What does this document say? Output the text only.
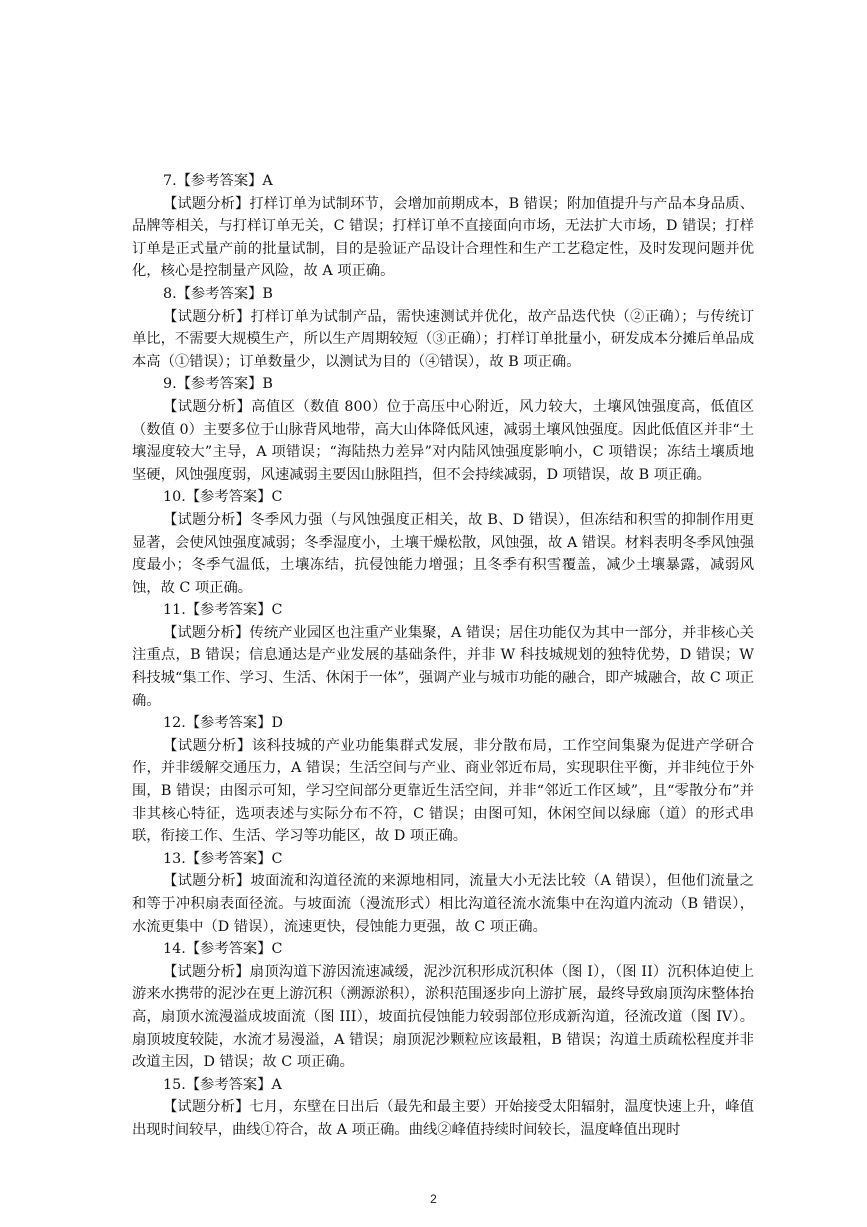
7.【参考答案】A

【试题分析】打样订单为试制环节，会增加前期成本，B 错误；附加值提升与产品本身品质、品牌等相关，与打样订单无关，C 错误；打样订单不直接面向市场，无法扩大市场，D 错误；打样订单是正式量产前的批量试制，目的是验证产品设计合理性和生产工艺稳定性，及时发现问题并优化，核心是控制量产风险，故 A 项正确。

8.【参考答案】B

【试题分析】打样订单为试制产品，需快速测试并优化，故产品迭代快（②正确）；与传统订单比，不需要大规模生产，所以生产周期较短（③正确）；打样订单批量小，研发成本分摊后单品成本高（①错误）；订单数量少，以测试为目的（④错误），故 B 项正确。

9.【参考答案】B

【试题分析】高值区（数值 800）位于高压中心附近，风力较大，土壤风蚀强度高，低值区（数值 0）主要多位于山脉背风地带，高大山体降低风速，减弱土壤风蚀强度。因此低值区并非“土壤湿度较大”主导，A 项错误；“海陆热力差异”对内陆风蚀强度影响小，C 项错误；冻结土壤质地坚硬，风蚀强度弱，风速减弱主要因山脉阻挡，但不会持续减弱，D 项错误，故 B 项正确。

10.【参考答案】C

【试题分析】冬季风力强（与风蚀强度正相关，故 B、D 错误），但冻结和积雪的抑制作用更显著，会使风蚀强度减弱；冬季湿度小，土壤干燥松散，风蚀强，故 A 错误。材料表明冬季风蚀强度最小；冬季气温低，土壤冻结，抗侵蚀能力增强；且冬季有积雪覆盖，减少土壤暴露，减弱风蚀，故 C 项正确。

11.【参考答案】C

【试题分析】传统产业园区也注重产业集聚，A 错误；居住功能仅为其中一部分，并非核心关注重点，B 错误；信息通达是产业发展的基础条件，并非 W 科技城规划的独特优势，D 错误；W 科技城“集工作、学习、生活、休闲于一体”，强调产业与城市功能的融合，即产城融合，故 C 项正确。

12.【参考答案】D

【试题分析】该科技城的产业功能集群式发展，非分散布局，工作空间集聚为促进产学研合作，并非缓解交通压力，A 错误；生活空间与产业、商业邻近布局，实现职住平衡，并非纯位于外围，B 错误；由图示可知，学习空间部分更靠近生活空间，并非“邻近工作区域”，且“零散分布”并非其核心特征，选项表述与实际分布不符，C 错误；由图可知，休闲空间以绿廊（道）的形式串联，衔接工作、生活、学习等功能区，故 D 项正确。

13.【参考答案】C

【试题分析】坡面流和沟道径流的来源地相同，流量大小无法比较（A 错误），但他们流量之和等于冲积扇表面径流。与坡面流（漫流形式）相比沟道径流水流集中在沟道内流动（B 错误），水流更集中（D 错误），流速更快，侵蚀能力更强，故 C 项正确。

14.【参考答案】C

【试题分析】扇顶沟道下游因流速减缓，泥沙沉积形成沉积体（图 I），（图 II）沉积体迫使上游来水携带的泥沙在更上游沉积（溯源淤积），淤积范围逐步向上游扩展，最终导致扇顶沟床整体抬高，扇顶水流漫溢成坡面流（图 III），坡面抗侵蚀能力较弱部位形成新沟道，径流改道（图 IV）。扇顶坡度较陡，水流才易漫溢，A 错误；扇顶泥沙颗粒应该最粗，B 错误；沟道土质疏松程度并非改道主因，D 错误；故 C 项正确。

15.【参考答案】A

【试题分析】七月，东壁在日出后（最先和最主要）开始接受太阳辐射，温度快速上升，峰值出现时间较早，曲线①符合，故 A 项正确。曲线②峰值持续时间较长，温度峰值出现时

2
